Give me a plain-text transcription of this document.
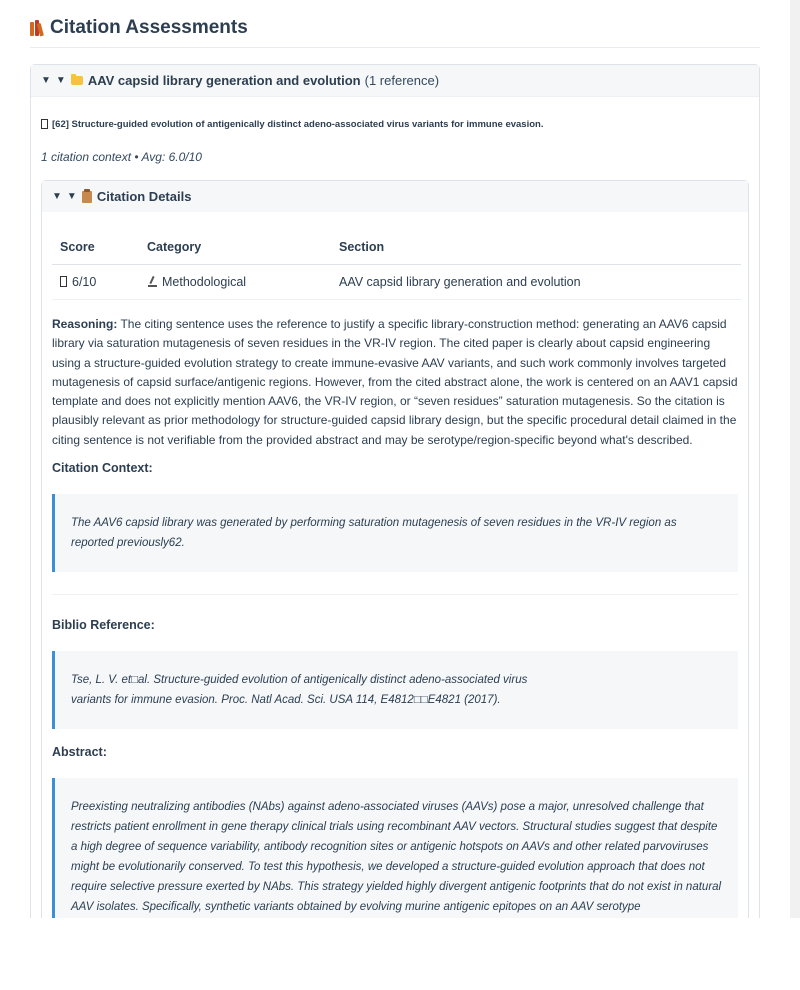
Citation Assessments
▼ ▼ AAV capsid library generation and evolution (1 reference)
[62] Structure-guided evolution of antigenically distinct adeno-associated virus variants for immune evasion.
1 citation context • Avg: 6.0/10
▼ ▼ Citation Details
Score	Category	Section
6/10	Methodological	AAV capsid library generation and evolution
Reasoning: The citing sentence uses the reference to justify a specific library-construction method: generating an AAV6 capsid library via saturation mutagenesis of seven residues in the VR-IV region. The cited paper is clearly about capsid engineering using a structure-guided evolution strategy to create immune-evasive AAV variants, and such work commonly involves targeted mutagenesis of capsid surface/antigenic regions. However, from the cited abstract alone, the work is centered on an AAV1 capsid template and does not explicitly mention AAV6, the VR-IV region, or “seven residues” saturation mutagenesis. So the citation is plausibly relevant as prior methodology for structure-guided capsid library design, but the specific procedural detail claimed in the citing sentence is not verifiable from the provided abstract and may be serotype/region-specific beyond what's described.
Citation Context:
The AAV6 capsid library was generated by performing saturation mutagenesis of seven residues in the VR-IV region as reported previously62.
Biblio Reference:
Tse, L. V. et□al. Structure-guided evolution of antigenically distinct adeno-associated virus
variants for immune evasion. Proc. Natl Acad. Sci. USA 114, E4812□□E4821 (2017).
Abstract:

Preexisting neutralizing antibodies (NAbs) against adeno-associated viruses (AAVs) pose a major, unresolved challenge that restricts patient enrollment in gene therapy clinical trials using recombinant AAV vectors. Structural studies suggest that despite a high degree of sequence variability, antibody recognition sites or antigenic hotspots on AAVs and other related parvoviruses might be evolutionarily conserved. To test this hypothesis, we developed a structure-guided evolution approach that does not require selective pressure exerted by NAbs. This strategy yielded highly divergent antigenic footprints that do not exist in natural AAV isolates. Specifically, synthetic variants obtained by evolving murine antigenic epitopes on an AAV serotype
